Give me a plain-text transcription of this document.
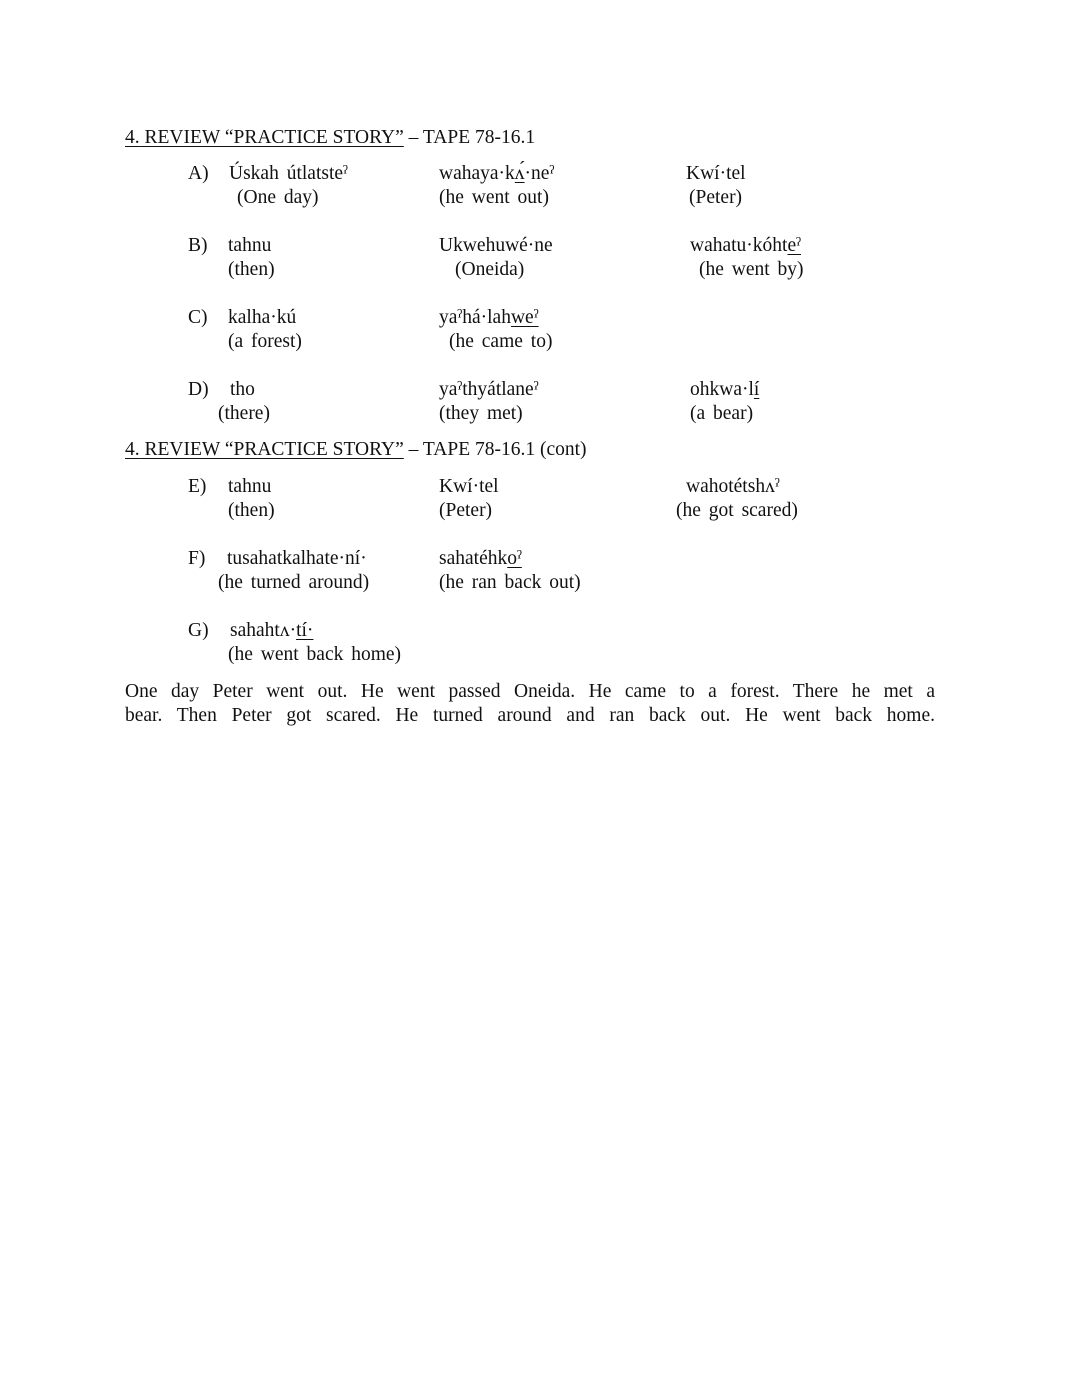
4. REVIEW “PRACTICE STORY” – TAPE 78-16.1
A) Úskah útlatsteˀ
(One day)
wahaya·kʌ́·neˀ
(he went out)
Kwí·tel
(Peter)
B) tahnu
(then)
Ukwehuwé·ne
(Oneida)
wahatu·kóhteˀ
(he went by)
C) kalha·kú
(a forest)
yaˀhá·lahweˀ
(he came to)
D) tho
(there)
yaˀthyátlaneˀ
(they met)
ohkwa·lí
(a bear)
4. REVIEW “PRACTICE STORY” – TAPE 78-16.1 (cont)
E) tahnu
(then)
Kwí·tel
(Peter)
wahotétshʌˀ
(he got scared)
F) tusahatkalhate·ní·
(he turned around)
sahatéhkoˀ
(he ran back out)
G) sahahtʌ·tí·
(he went back home)
One day Peter went out. He went passed Oneida. He came to a forest. There he met a
bear. Then Peter got scared. He turned around and ran back out. He went back home.
